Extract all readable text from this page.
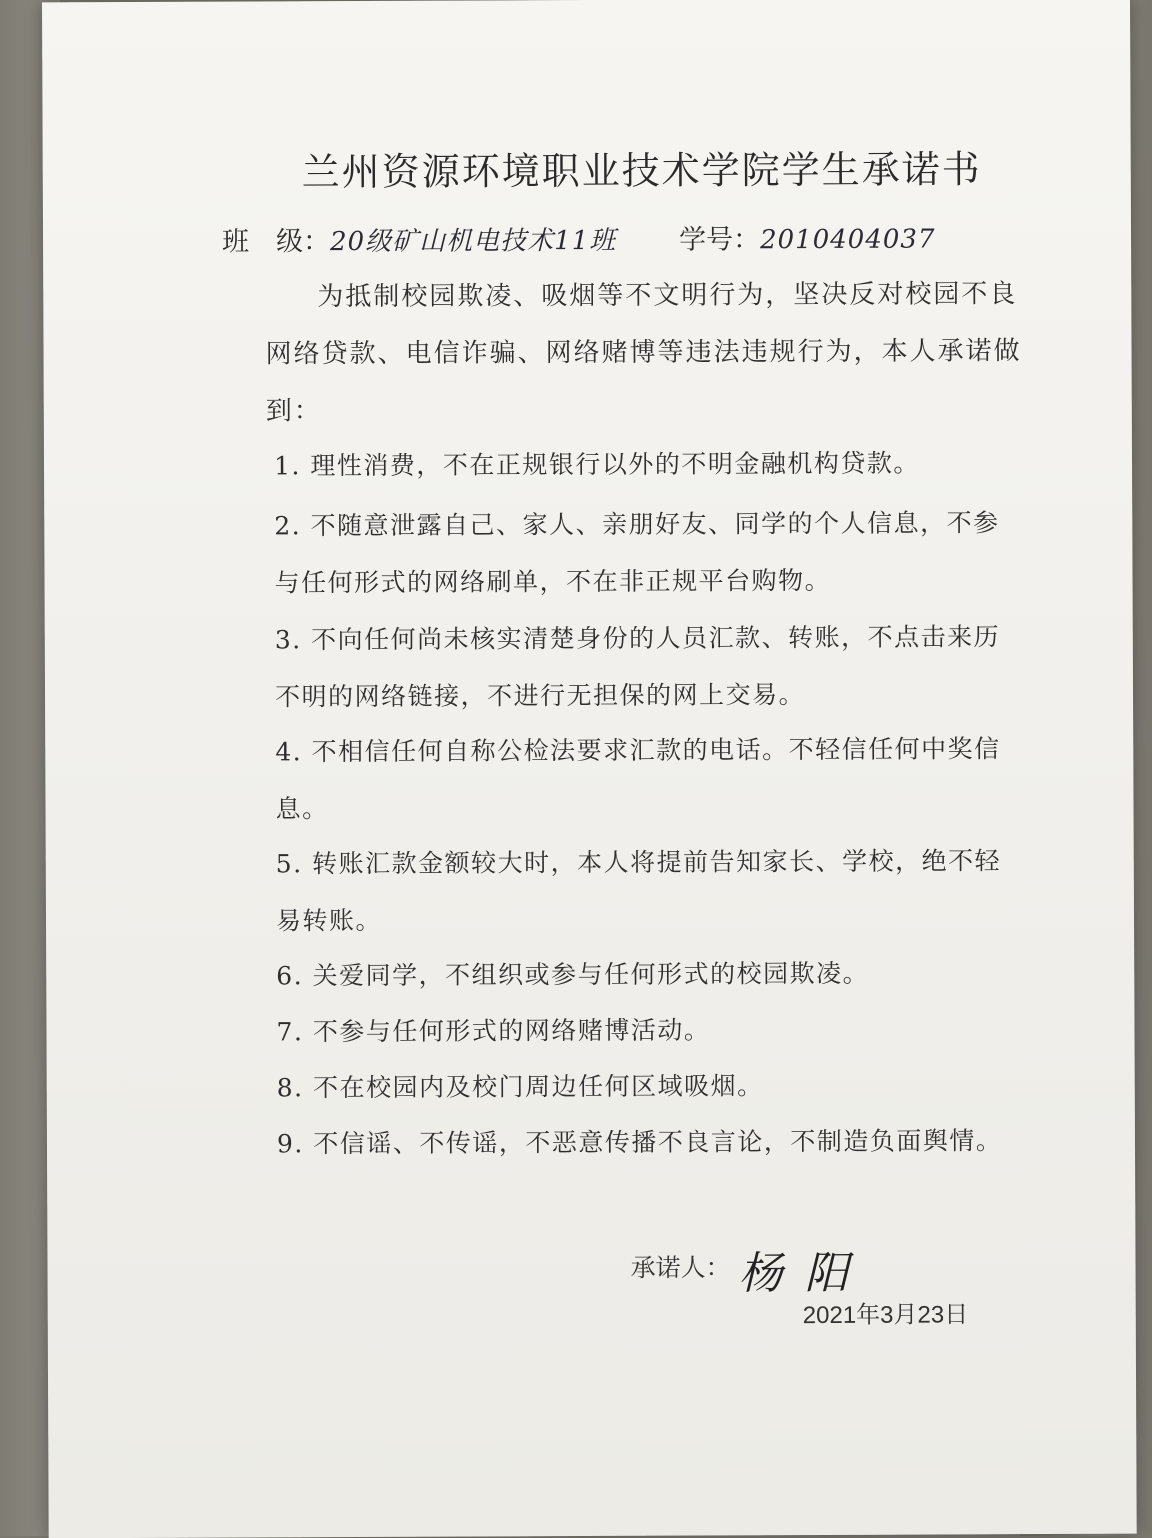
兰州资源环境职业技术学院学生承诺书
班　级：20级矿山机电技术11班 学号：2010404037

为抵制校园欺凌、吸烟等不文明行为，坚决反对校园不良网络贷款、电信诈骗、网络赌博等违法违规行为，本人承诺做到：

1. 理性消费，不在正规银行以外的不明金融机构贷款。

2. 不随意泄露自己、家人、亲朋好友、同学的个人信息，不参与任何形式的网络刷单，不在非正规平台购物。

3. 不向任何尚未核实清楚身份的人员汇款、转账，不点击来历不明的网络链接，不进行无担保的网上交易。

4. 不相信任何自称公检法要求汇款的电话。不轻信任何中奖信息。

5. 转账汇款金额较大时，本人将提前告知家长、学校，绝不轻易转账。

6. 关爱同学，不组织或参与任何形式的校园欺凌。

7. 不参与任何形式的网络赌博活动。

8. 不在校园内及校门周边任何区域吸烟。

9. 不信谣、不传谣，不恶意传播不良言论，不制造负面舆情。

承诺人： 杨阳
2021年3月23日
